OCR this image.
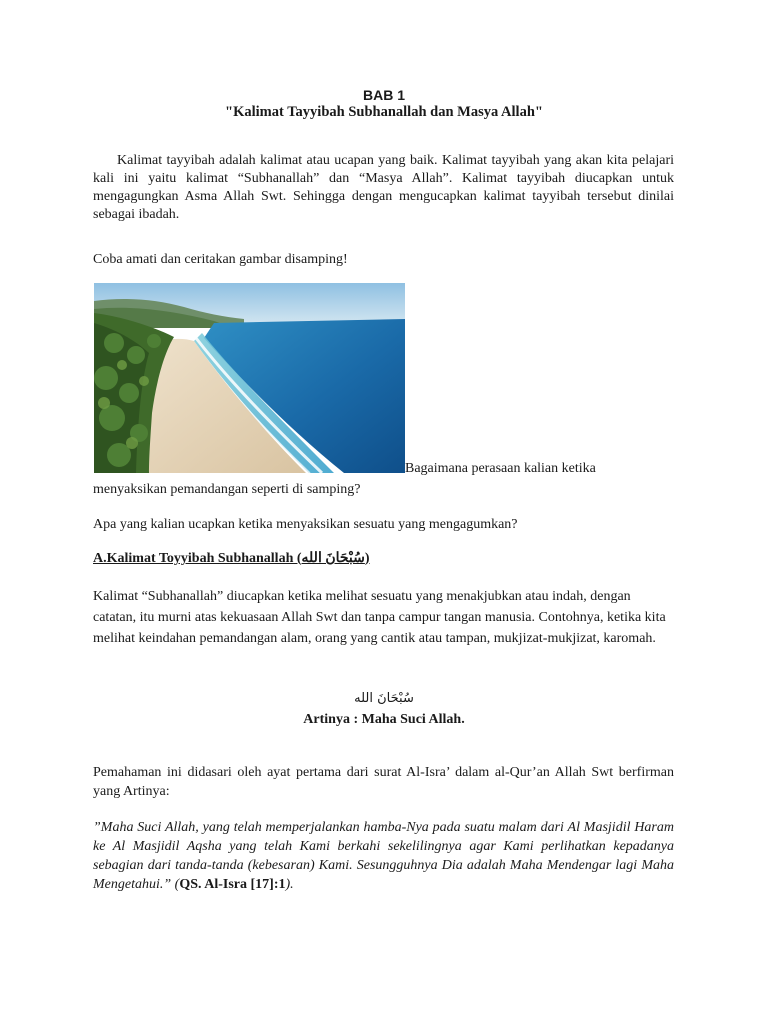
BAB 1
"Kalimat Tayyibah Subhanallah dan Masya Allah"

Kalimat tayyibah adalah kalimat atau ucapan yang baik. Kalimat tayyibah yang akan kita pelajari kali ini yaitu kalimat “Subhanallah” dan “Masya Allah”. Kalimat tayyibah diucapkan untuk mengagungkan Asma Allah Swt. Sehingga dengan mengucapkan kalimat tayyibah tersebut dinilai sebagai ibadah.

Coba amati dan ceritakan gambar disamping!

Bagaimana perasaan kalian ketika

menyaksikan pemandangan seperti di samping?

Apa yang kalian ucapkan ketika menyaksikan sesuatu yang mengagumkan?

A.Kalimat Toyyibah Subhanallah (سُبْحَانَ الله)

Kalimat “Subhanallah” diucapkan ketika melihat sesuatu yang menakjubkan atau indah, dengan catatan, itu murni atas kekuasaan Allah Swt dan tanpa campur tangan manusia. Contohnya, ketika kita melihat keindahan pemandangan alam, orang yang cantik atau tampan, mukjizat-mukjizat, karomah.

سُبْحَانَ الله
Artinya : Maha Suci Allah.

Pemahaman ini didasari oleh ayat pertama dari surat Al-Isra’ dalam al-Qur’an Allah Swt berfirman yang Artinya:

”Maha Suci Allah, yang telah memperjalankan hamba-Nya pada suatu malam dari Al Masjidil Haram ke Al Masjidil Aqsha yang telah Kami berkahi sekelilingnya agar Kami perlihatkan kepadanya sebagian dari tanda-tanda (kebesaran) Kami. Sesungguhnya Dia adalah Maha Mendengar lagi Maha Mengetahui.” (QS. Al-Isra [17]:1).
